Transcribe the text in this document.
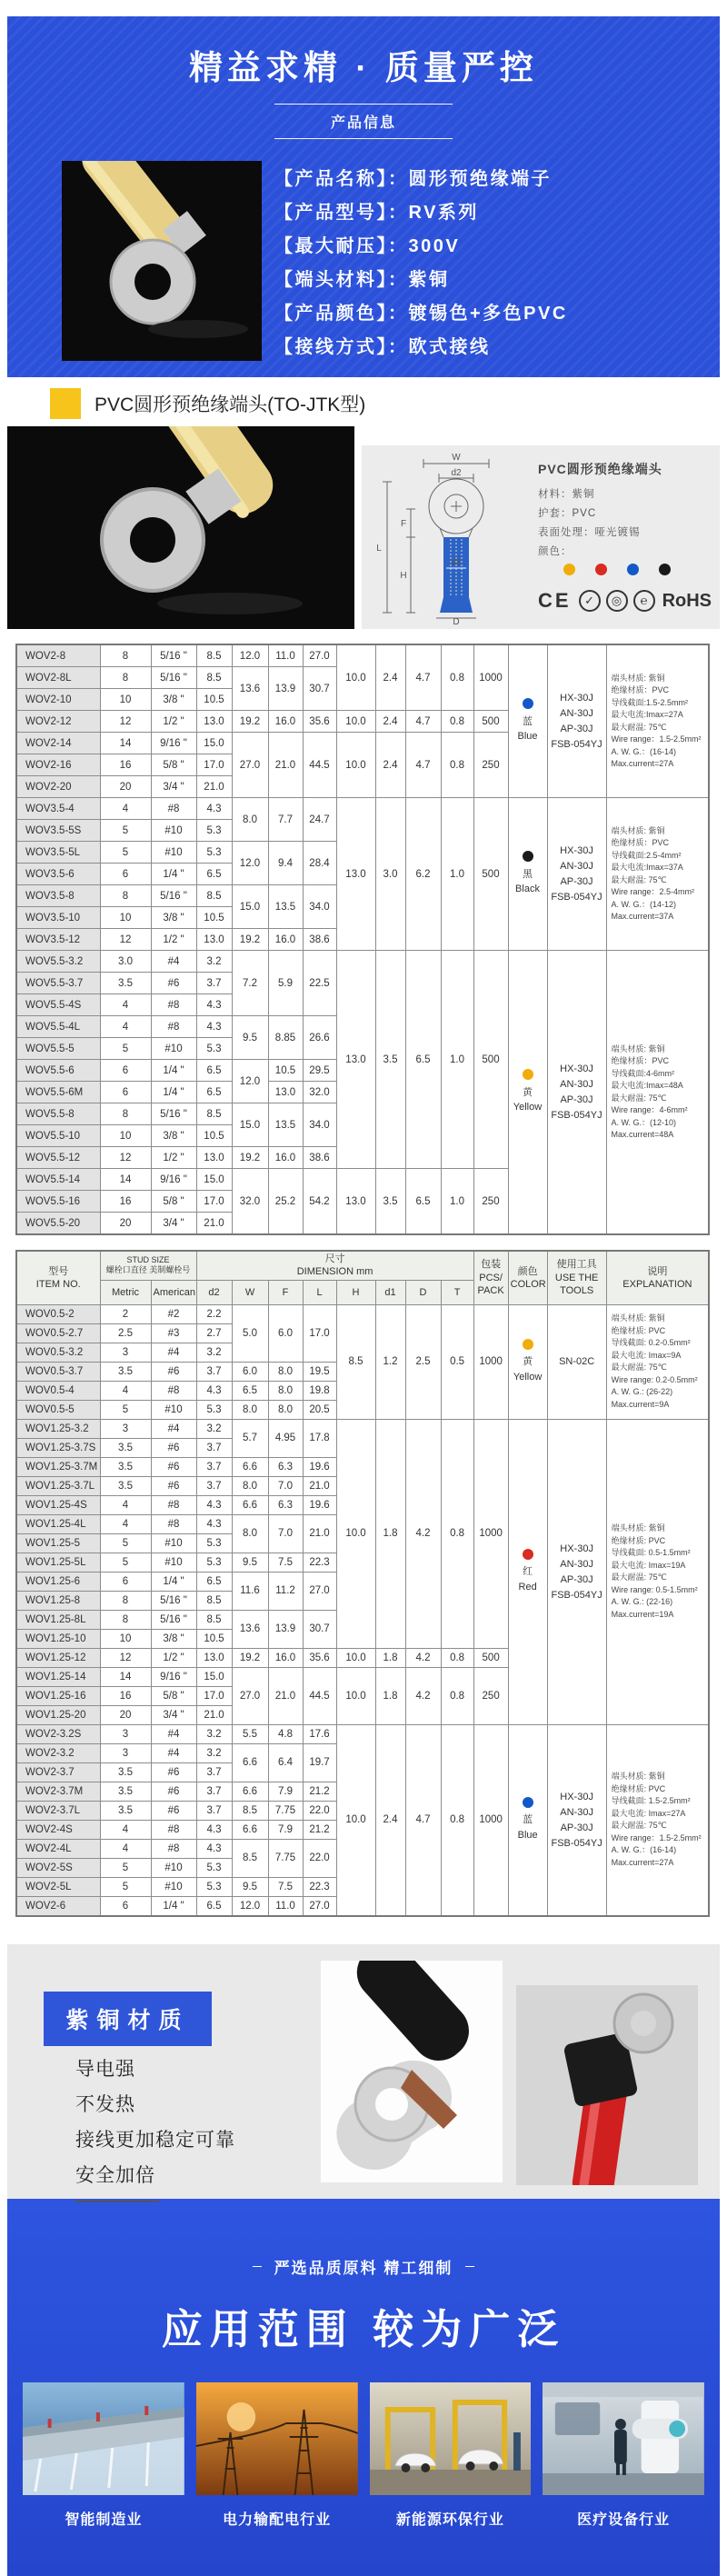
精益求精 · 质量严控
产品信息
【产品名称】：圆形预绝缘端子
【产品型号】：RV系列
【最大耐压】：300V
【端头材料】：紫铜
【产品颜色】：镀锡色+多色PVC
【接线方式】：欧式接线
PVC圆形预绝缘端头(TO-JTK型)
W
d2
F
L
H
d1
D
PVC圆形预绝缘端头
材料：紫铜
护套：PVC
表面处理：哑光镀锡
颜色：
CE	✓ ◎ ℮ RoHS
WOV2-8	8	5/16 "	8.5	12.0	11.0	27.0	10.0	2.4	4.7	0.8	1000	
蓝
Blue

HX-30J
AN-30J
AP-30J
FSB-054YJ

端头材质: 紫铜
绝缘材质：PVC
导线截面:1.5-2.5mm²
最大电流:Imax=27A
最大耐温: 75℃
Wire range：1.5-2.5mm²
A. W. G.：(16-14)
Max.current=27A

WOV2-8L	8	5/16 "	8.5	13.6	13.9	30.7								
WOV2-10	10	3/8 "	10.5											
WOV2-12	12	1/2 "	13.0	19.2	16.0	35.6	10.0	2.4	4.7	0.8	500			
WOV2-14	14	9/16 "	15.0	27.0	21.0	44.5	10.0	2.4	4.7	0.8	250			
WOV2-16	16	5/8 "	17.0											
WOV2-20	20	3/4 "	21.0											
WOV3.5-4	4	#8	4.3	8.0	7.7	24.7	13.0	3.0	6.2	1.0	500	黑
Black

HX-30J
AN-30J
AP-30J
FSB-054YJ

端头材质: 紫铜
绝缘材质：PVC
导线截面:2.5-4mm²
最大电流:Imax=37A
最大耐温: 75℃
Wire range：2.5-4mm²
A. W. G.：(14-12)
Max.current=37A

WOV3.5-5S	5	#10	5.3											
WOV3.5-5L	5	#10	5.3	12.0	9.4	28.4								
WOV3.5-6	6	1/4 "	6.5											
WOV3.5-8	8	5/16 "	8.5	15.0	13.5	34.0								
WOV3.5-10	10	3/8 "	10.5											
WOV3.5-12	12	1/2 "	13.0	19.2	16.0	38.6								
WOV5.5-3.2	3.0	#4	3.2	7.2	5.9	22.5	13.0	3.5	6.5	1.0	500	
黄
Yellow

HX-30J
AN-30J
AP-30J
FSB-054YJ

端头材质: 紫铜
绝缘材质：PVC
导线截面:4-6mm²
最大电流:Imax=48A
最大耐温: 75℃
Wire range：4-6mm²
A. W. G.：(12-10)
Max.current=48A

WOV5.5-3.7	3.5	#6	3.7											
WOV5.5-4S	4	#8	4.3											
WOV5.5-4L	4	#8	4.3	9.5	8.85	26.6								
WOV5.5-5	5	#10	5.3											
WOV5.5-6	6	1/4 "	6.5	12.0	10.5	29.5								
WOV5.5-6M	6	1/4 "	6.5		13.0	32.0								
WOV5.5-8	8	5/16 "	8.5	15.0	13.5	34.0								
WOV5.5-10	10	3/8 "	10.5											
WOV5.5-12	12	1/2 "	13.0	19.2	16.0	38.6								
WOV5.5-14	14	9/16 "	15.0	32.0	25.2	54.2	13.0	3.5	6.5	1.0	250			
WOV5.5-16	16	5/8 "	17.0											
WOV5.5-20	20	3/4 "	21.0											
型号
ITEM NO.

STUD SIZE
螺栓口直径 美制螺栓号

尺寸
DIMENSION mm

包装
PCS/
PACK

颜色
COLOR

使用工具
USE THE
TOOLS

说明
EXPLANATION

	Metric	American	d2	W	F	L	H	d1	D	T				
WOV0.5-2	2	#2	2.2	5.0	6.0	17.0	8.5	1.2	2.5	0.5	1000	黄
Yellow

SN-02C

端头材质: 紫铜
绝缘材质: PVC
导线截面: 0.2-0.5mm²
最大电流: Imax=9A
最大耐温: 75℃
Wire range: 0.2-0.5mm²
A. W. G.: (26-22)
Max.current=9A

WOV0.5-2.7	2.5	#3	2.7											
WOV0.5-3.2	3	#4	3.2											
WOV0.5-3.7	3.5	#6	3.7	6.0	8.0	19.5								
WOV0.5-4	4	#8	4.3	6.5	8.0	19.8								
WOV0.5-5	5	#10	5.3	8.0	8.0	20.5								
WOV1.25-3.2	3	#4	3.2	5.7	4.95	17.8	10.0	1.8	4.2	0.8	1000	
红
Red

HX-30J
AN-30J
AP-30J
FSB-054YJ

端头材质: 紫铜
绝缘材质: PVC
导线截面: 0.5-1.5mm²
最大电流: Imax=19A
最大耐温: 75℃
Wire range: 0.5-1.5mm²
A. W. G.: (22-16)
Max.current=19A

WOV1.25-3.7S	3.5	#6	3.7											
WOV1.25-3.7M	3.5	#6	3.7	6.6	6.3	19.6								
WOV1.25-3.7L	3.5	#6	3.7	8.0	7.0	21.0								
WOV1.25-4S	4	#8	4.3	6.6	6.3	19.6								
WOV1.25-4L	4	#8	4.3	8.0	7.0	21.0								
WOV1.25-5	5	#10	5.3											
WOV1.25-5L	5	#10	5.3	9.5	7.5	22.3								
WOV1.25-6	6	1/4 "	6.5	11.6	11.2	27.0								
WOV1.25-8	8	5/16 "	8.5											
WOV1.25-8L	8	5/16 "	8.5	13.6	13.9	30.7								
WOV1.25-10	10	3/8 "	10.5											
WOV1.25-12	12	1/2 "	13.0	19.2	16.0	35.6	10.0	1.8	4.2	0.8	500			
WOV1.25-14	14	9/16 "	15.0	27.0	21.0	44.5	10.0	1.8	4.2	0.8	250			
WOV1.25-16	16	5/8 "	17.0											
WOV1.25-20	20	3/4 "	21.0											
WOV2-3.2S	3	#4	3.2	5.5	4.8	17.6	10.0	2.4	4.7	0.8	1000	蓝
Blue

HX-30J
AN-30J
AP-30J
FSB-054YJ

端头材质: 紫铜
绝缘材质: PVC
导线截面: 1.5-2.5mm²
最大电流: Imax=27A
最大耐温: 75℃
Wire range：1.5-2.5mm²
A. W. G.：(16-14)
Max.current=27A

WOV2-3.2	3	#4	3.2	6.6	6.4	19.7								
WOV2-3.7	3.5	#6	3.7											
WOV2-3.7M	3.5	#6	3.7	6.6	7.9	21.2								
WOV2-3.7L	3.5	#6	3.7	8.5	7.75	22.0								
WOV2-4S	4	#8	4.3	6.6	7.9	21.2								
WOV2-4L	4	#8	4.3	8.5	7.75	22.0								
WOV2-5S	5	#10	5.3											
WOV2-5L	5	#10	5.3	9.5	7.5	22.3								
WOV2-6	6	1/4 "	6.5	12.0	11.0	27.0								
紫铜材质
导电强
不发热
接线更加稳定可靠
安全加倍
严选品质原料 精工细制
应用范围 较为广泛
智能制造业	电力输配电行业	新能源环保行业	医疗设备行业
